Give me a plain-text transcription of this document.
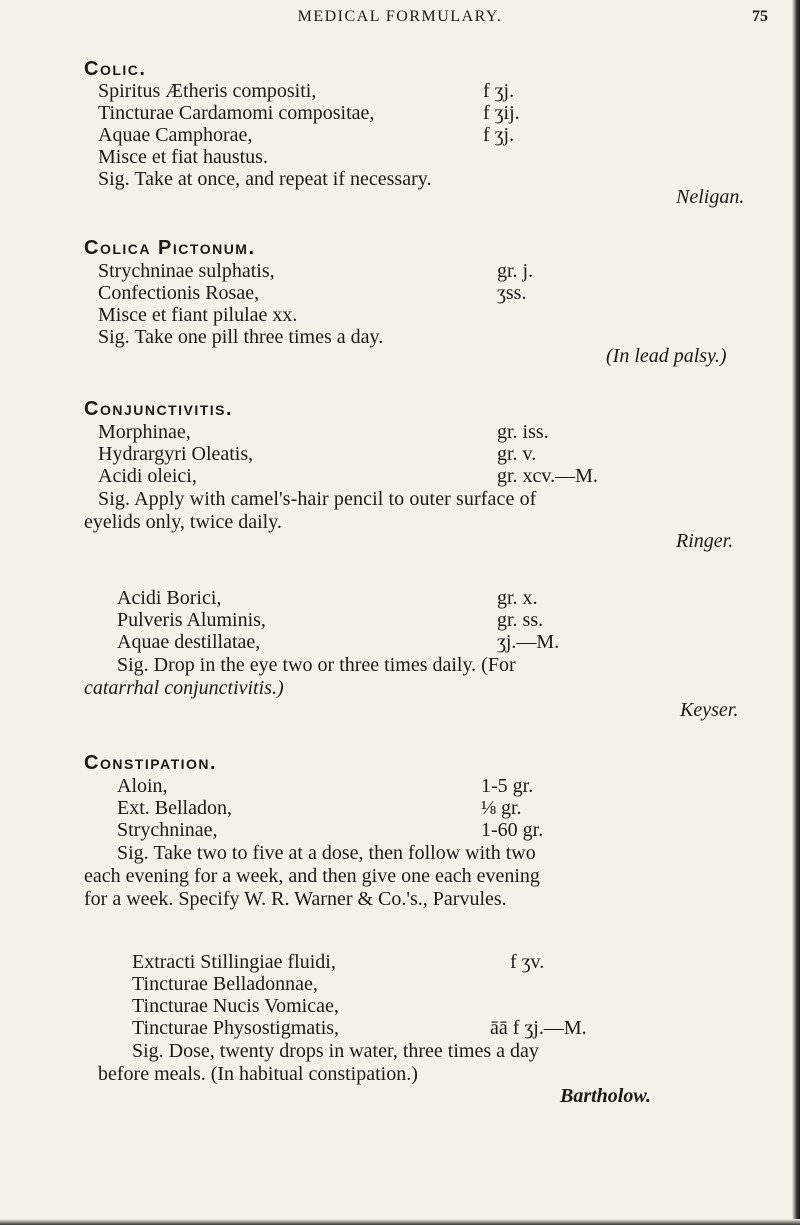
MEDICAL FORMULARY.	75
Colic.
Spiritus Ætheris compositi,	f ʒj.
Tincturae Cardamomi compositae,	f ʒij.
Aquae Camphorae,	f ʒj.
Misce et fiat haustus.
Sig. Take at once, and repeat if necessary.
Neligan.
Colica Pictonum.
Strychninae sulphatis,	gr. j.
Confectionis Rosae,	ʒss.
Misce et fiant pilulae xx.
Sig. Take one pill three times a day.
(In lead palsy.)
Conjunctivitis.
Morphinae,	gr. iss.
Hydrargyri Oleatis,	gr. v.
Acidi oleici,	gr. xcv.—M.
Sig. Apply with camel's-hair pencil to outer surface of
eyelids only, twice daily.
Ringer.
Acidi Borici,	gr. x.
Pulveris Aluminis,	gr. ss.
Aquae destillatae,	ʒj.—M.
Sig. Drop in the eye two or three times daily. (For
catarrhal conjunctivitis.)
Keyser.
Constipation.
Aloin,	1-5 gr.
Ext. Belladon,	⅛ gr.
Strychninae,	1-60 gr.
Sig. Take two to five at a dose, then follow with two
each evening for a week, and then give one each evening
for a week. Specify W. R. Warner & Co.'s., Parvules.
Extracti Stillingiae fluidi,	f ʒv.
Tincturae Belladonnae,
Tincturae Nucis Vomicae,
Tincturae Physostigmatis,	āā f ʒj.—M.
Sig. Dose, twenty drops in water, three times a day
before meals. (In habitual constipation.)
Bartholow.
